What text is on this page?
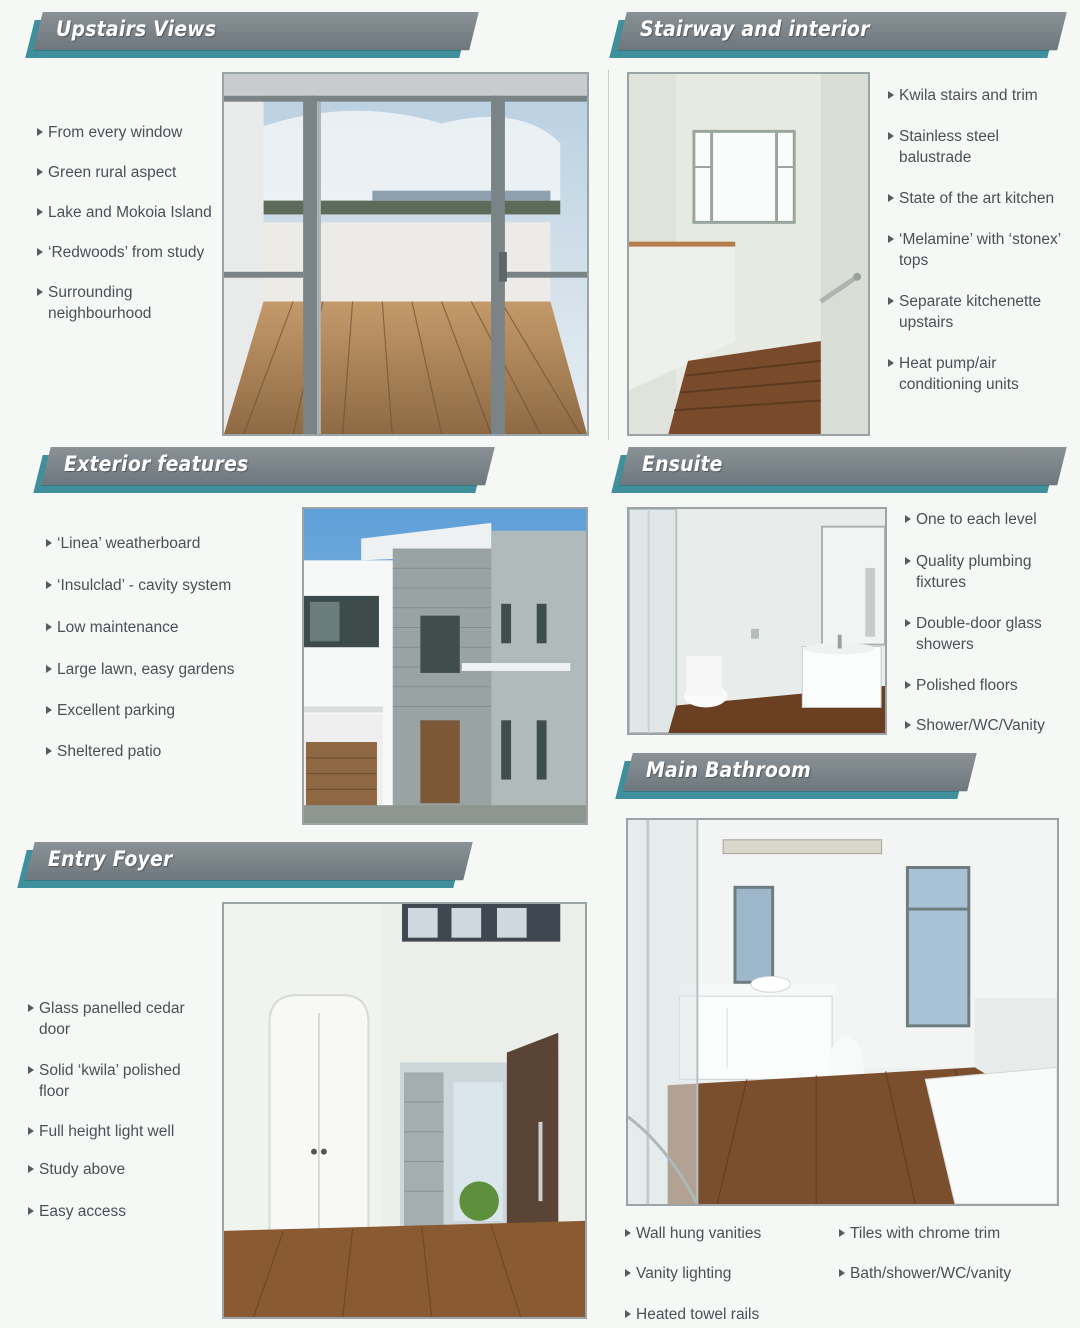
Upstairs Views
From every window
Green rural aspect
Lake and Mokoia Island
‘Redwoods’ from study
Surrounding neighbourhood
Stairway and interior
Kwila stairs and trim
Stainless steel balustrade
State of the art kitchen
‘Melamine’ with ‘stonex’ tops
Separate kitchenette upstairs
Heat pump/air conditioning units
Exterior features
‘Linea’ weatherboard
‘Insulclad’ - cavity system
Low maintenance
Large lawn, easy gardens
Excellent parking
Sheltered patio
Ensuite
One to each level
Quality plumbing fixtures
Double-door glass showers
Polished floors
Shower/WC/Vanity
Main Bathroom
Wall hung vanities
Vanity lighting
Heated towel rails
Tiles with chrome trim
Bath/shower/WC/vanity
Entry Foyer
Glass panelled cedar door
Solid ‘kwila’ polished floor
Full height light well
Study above
Easy access
